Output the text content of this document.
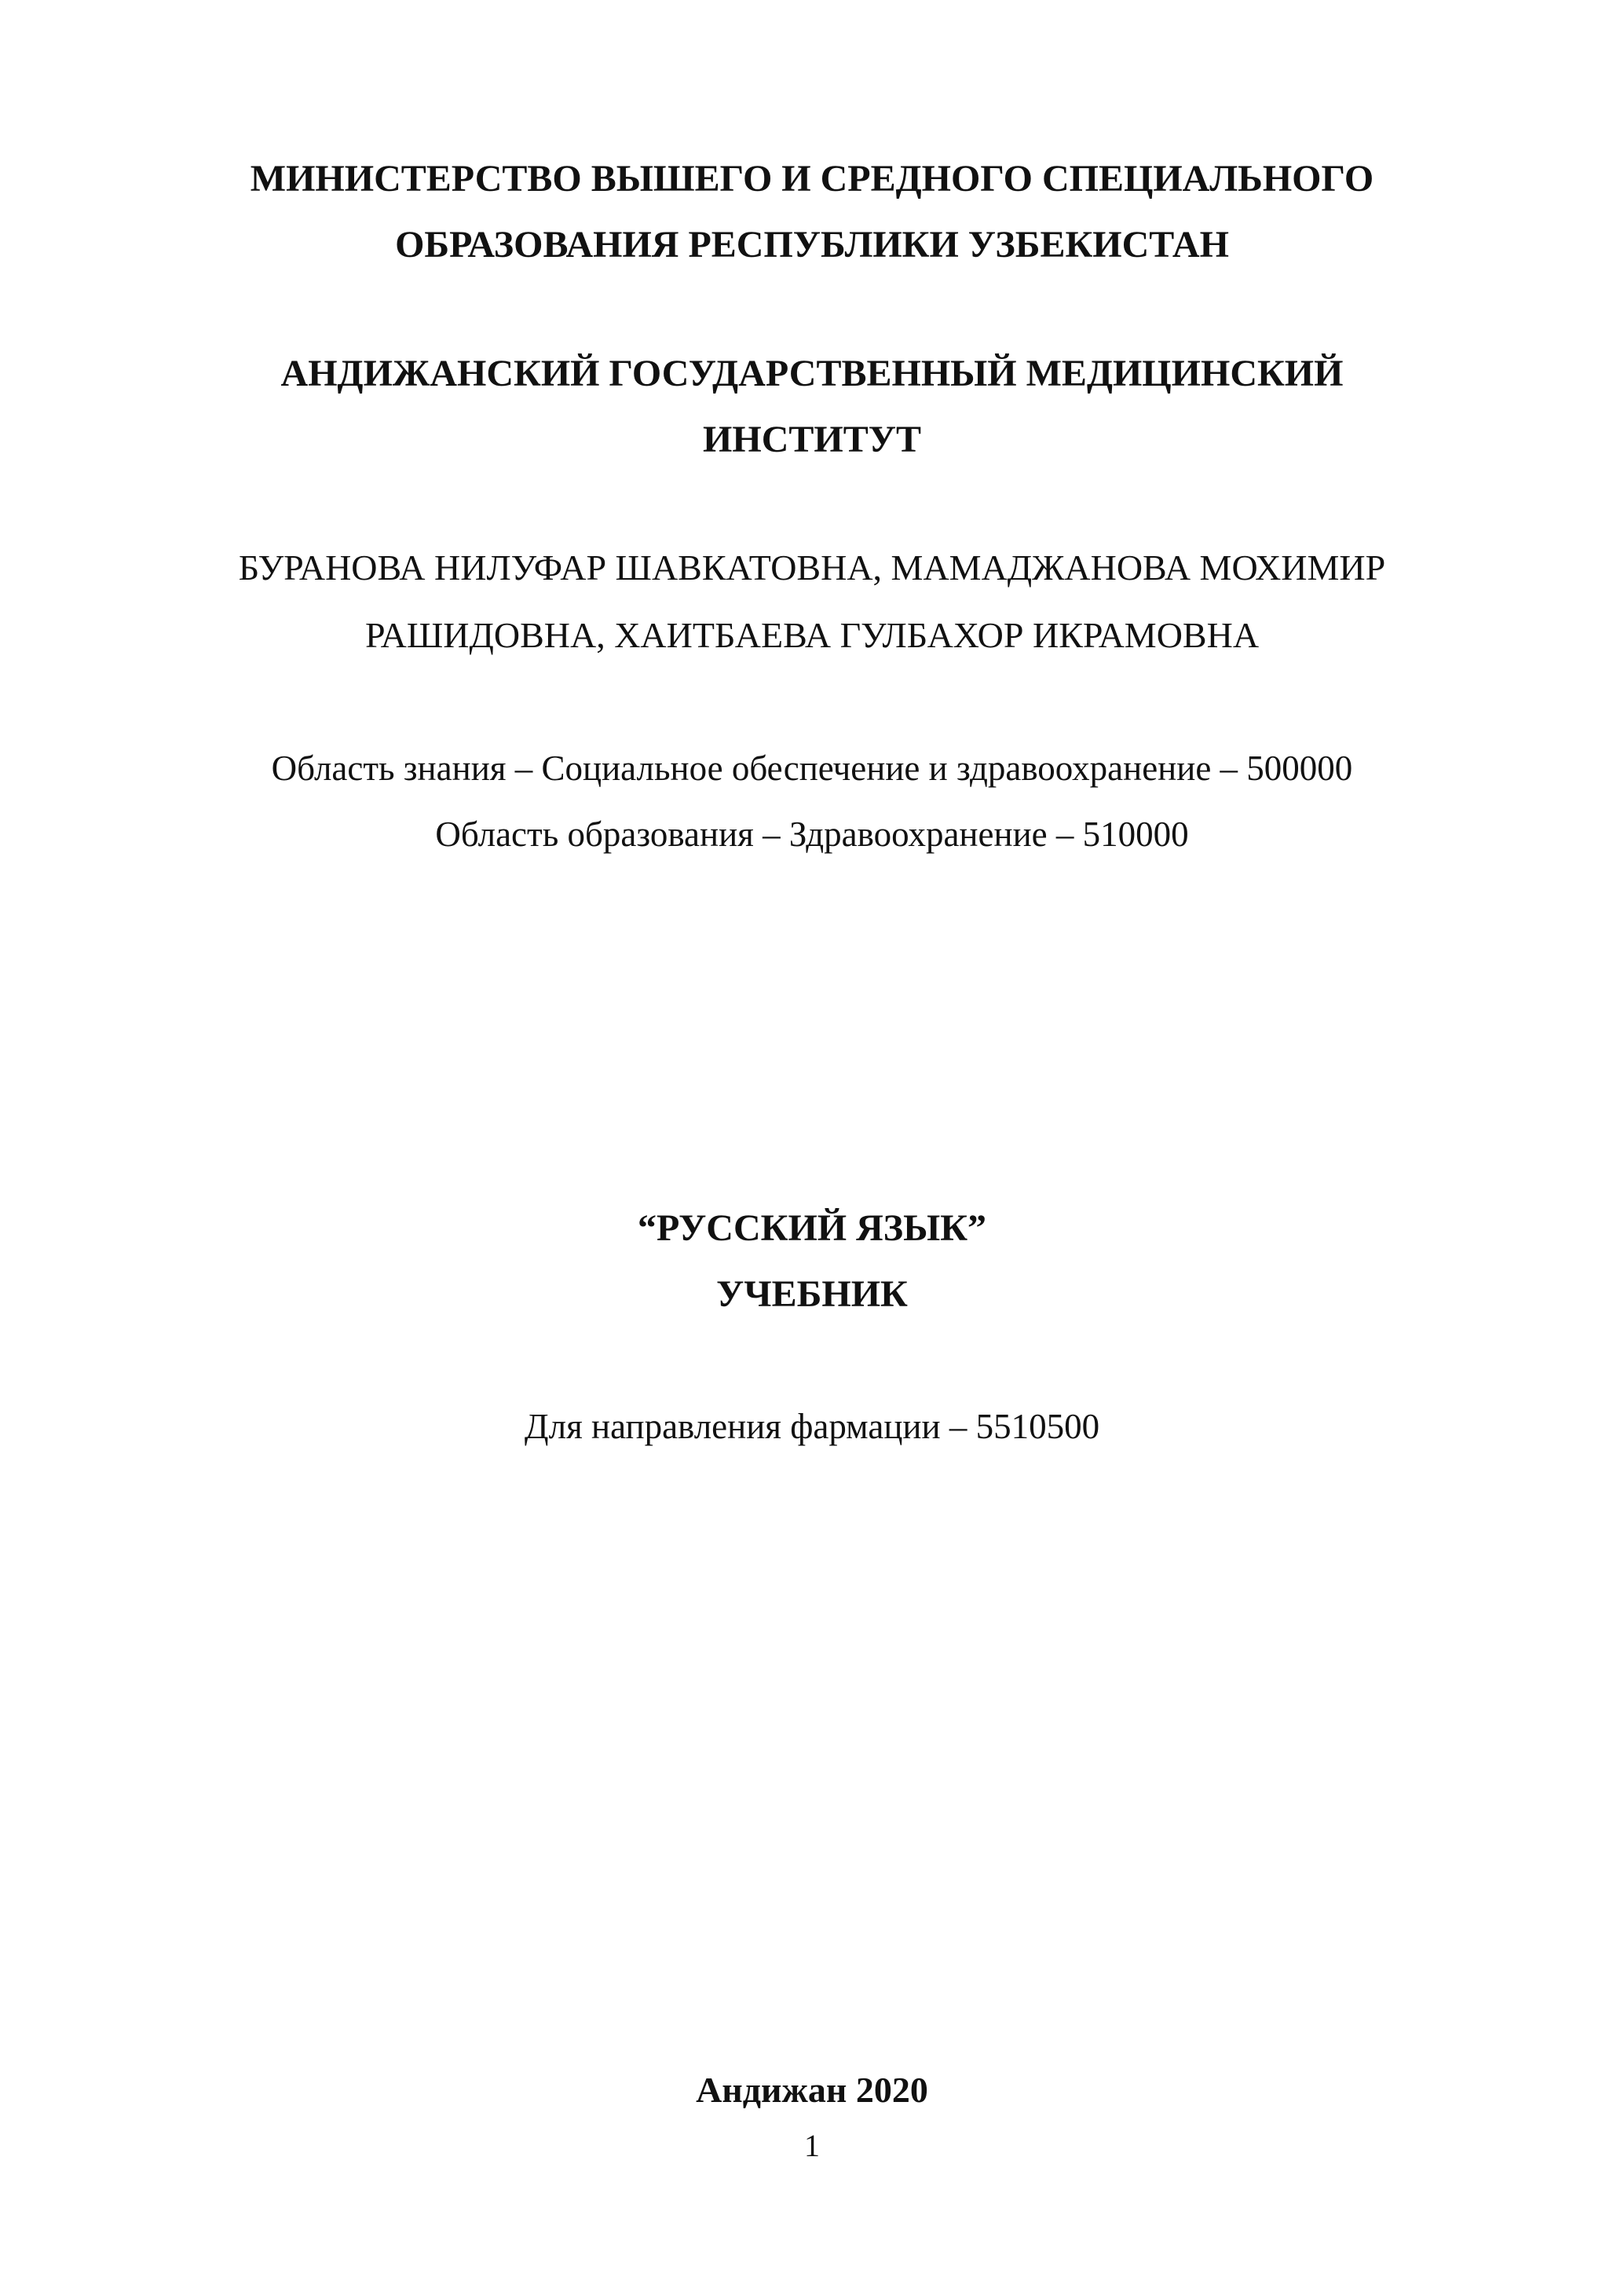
МИНИСТЕРСТВО ВЫШЕГО И СРЕДНОГО СПЕЦИАЛЬНОГО
ОБРАЗОВАНИЯ РЕСПУБЛИКИ УЗБЕКИСТАН
АНДИЖАНСКИЙ ГОСУДАРСТВЕННЫЙ МЕДИЦИНСКИЙ
ИНСТИТУТ
БУРАНОВА НИЛУФАР ШАВКАТОВНА, МАМАДЖАНОВА МОХИМИР
РАШИДОВНА, ХАИТБАЕВА ГУЛБАХОР ИКРАМОВНА
Область знания – Социальное обеспечение и здравоохранение – 500000
Область образования – Здравоохранение – 510000
“РУССКИЙ ЯЗЫК”
УЧЕБНИК
Для направления фармации – 5510500
Андижан 2020
1
